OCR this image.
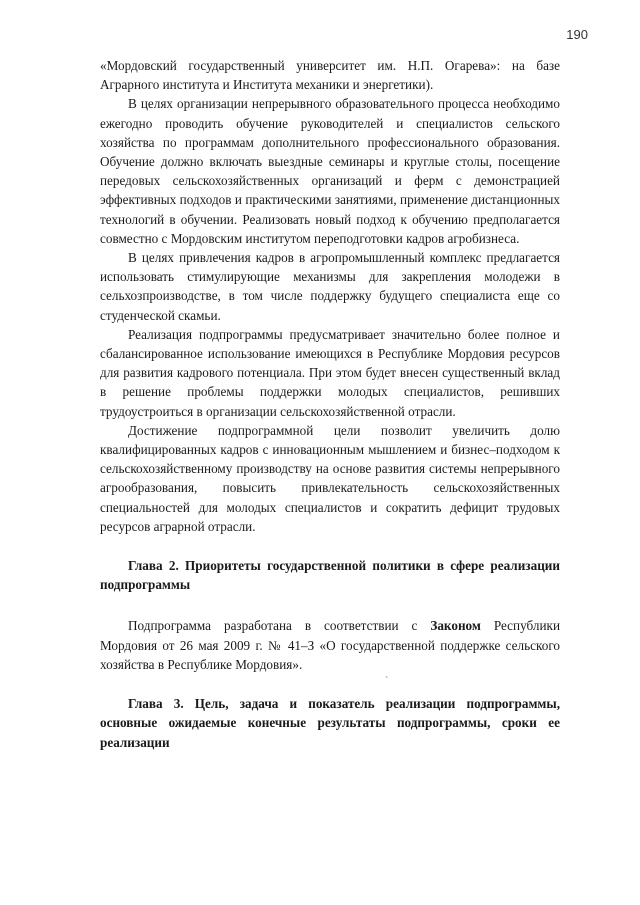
190

«Мордовский государственный университет им. Н.П. Огарева»: на базе Аграрного института и Института механики и энергетики).

В целях организации непрерывного образовательного процесса необходимо ежегодно проводить обучение руководителей и специалистов сельского хозяйства по программам дополнительного профессионального образования. Обучение должно включать выездные семинары и круглые столы, посещение передовых сельскохозяйственных организаций и ферм с демонстрацией эффективных подходов и практическими занятиями, применение дистанционных технологий в обучении. Реализовать новый подход к обучению предполагается совместно с Мордовским институтом переподготовки кадров агробизнеса.

В целях привлечения кадров в агропромышленный комплекс предлагается использовать стимулирующие механизмы для закрепления молодежи в сельхозпроизводстве, в том числе поддержку будущего специалиста еще со студенческой скамьи.

Реализация подпрограммы предусматривает значительно более полное и сбалансированное использование имеющихся в Республике Мордовия ресурсов для развития кадрового потенциала. При этом будет внесен существенный вклад в решение проблемы поддержки молодых специалистов, решивших трудоустроиться в организации сельскохозяйственной отрасли.

Достижение подпрограммной цели позволит увеличить долю квалифицированных кадров с инновационным мышлением и бизнес–подходом к сельскохозяйственному производству на основе развития системы непрерывного агрообразования, повысить привлекательность сельскохозяйственных специальностей для молодых специалистов и сократить дефицит трудовых ресурсов аграрной отрасли.

Глава 2. Приоритеты государственной политики в сфере реализации подпрограммы

Подпрограмма разработана в соответствии с Законом Республики Мордовия от 26 мая 2009 г. № 41–З «О государственной поддержке сельского хозяйства в Республике Мордовия».

Глава 3. Цель, задача и показатель реализации подпрограммы, основные ожидаемые конечные результаты подпрограммы, сроки ее реализации

`
